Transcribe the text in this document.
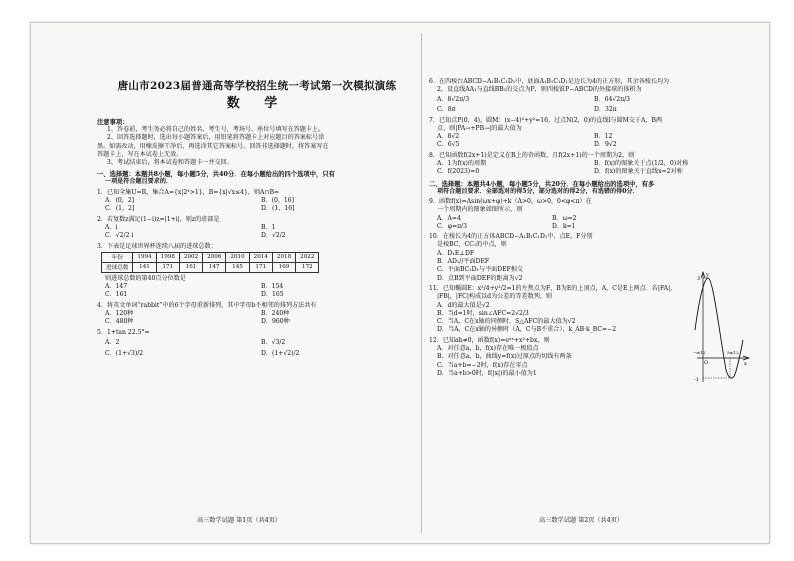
唐山市2023届普通高等学校招生统一考试第一次模拟演练
数 学
注意事项：
1、答卷前，考生务必将自己的姓名、考生号、考场号、座位号填写在答题卡上。
2、回答选择题时，选出每小题答案后，用铅笔将答题卡上对应题目的答案标号涂
黑。如需改动，用橡皮擦干净后，再选涂其它答案标号。回答非选择题时，将答案写在
答题卡上，写在本试卷上无效。
3、考试结束后，将本试卷和答题卡一并交回。
一、选择题：本题共8小题，每小题5分，共40分．在每小题给出的四个选项中，只有
一项是符合题目要求的．
1．已知全集U=R，集合A={x|2ˣ>1}，B={x|√x≤4}，则A∩B=
A．(0，2]	B．(0，16]
C．(1，2]	D．(1，16]
2．若复数z满足(1−i)z=|1+i|，则z的虚部是
A．i	B．1
C．√2/2 i	D．√2/2
3．下表是足球世界杯连续八届的进球总数：
年份	1994	1998	2002	2006	2010	2014	2018	2022
进球总数	141	171	161	147	145	171	169	172
则进球总数的第40百分位数是
A．147	B．154
C．161	D．165
4．将英文单词“rabbit”中的6个字母重新排列，其中字母b不相邻的排列方法共有
A．120种	B．240种
C．480种	D．960种
5．1+tan 22.5°=
A．2	B．√3/2
C．(1+√3)/2	D．(1+√2)/2
6．在四棱台ABCD−A₁B₁C₁D₁中，底面A₁B₁C₁D₁是边长为4的正方形，其余各棱长均为
2，设直线AA₁与直线BB₁的交点为P，则四棱锥P−ABCD的外接球的体积为
A．8√2π/3	B．64√2π/3
C．8π	D．32π
7．已知点P(0，4)，圆M：(x−4)²+y²=16，过点N(2，0)的直线l与圆M交于A，B两
点，则|PA→+PB→|的最大值为
A．8√2	B．12
C．6√5	D．9√2
8．已知函数f(2x+1)是定义在R上的奇函数，且f(2x+1)的一个周期为2，则
A．1为f(x)的周期	B．f(x)的图象关于点(1/2，0)对称
C．f(2023)=0	D．f(x)的图象关于直线x=2对称
二、选择题：本题共4小题，每小题5分，共20分．在每小题给出的选项中，有多
项符合题目要求．全部选对的得5分，部分选对的得2分，有选错的得0分．
9．函数f(x)=Asin(ωx+φ)+k（A>0，ω>0，0<φ<π）在
一个周期内的图象如图所示，则
A．A=4	B．ω=2
C．φ=π/3	D．k=1
10．在棱长为4的正方体ABCD−A₁B₁C₁D₁中，点E，F分别
是棱BC，CC₁的中点，则
A．D₁E⊥DF
B．AD₁//平面DEF
C．平面BC₁D₁与平面DEF相交
D．点B到平面DEF的距离为√2
11．已知椭圆E：x²/4+y²/2=1的左焦点为F，B为E的上顶点，A，C是E上两点．若|FA|，
|FB|，|FC|构成以d为公差的等差数列，则
A．d的最大值是√2
B．当d=1时，sin∠AFC=2√2/3
C．当A，C在x轴的同侧时，S△AFC的最大值为√2
D．当A，C在x轴的异侧时（A，C与B不重合），k_AB·k_BC=−2
12．已知ab≠0，函数f(x)=eᵃˣ+x²+bx，则
A．对任意a，b，f(x)存在唯一极值点
B．对任意a，b，曲线y=f(x)过原点的切线有两条
C．当a+b=−2时，f(x)存在零点
D．当a+b>0时，f(|x|)的最小值为1
3
-1
O	x
y
−π/12	5π/12
高三数学试题 第1页（共4页）	高三数学试题 第2页（共4页）
